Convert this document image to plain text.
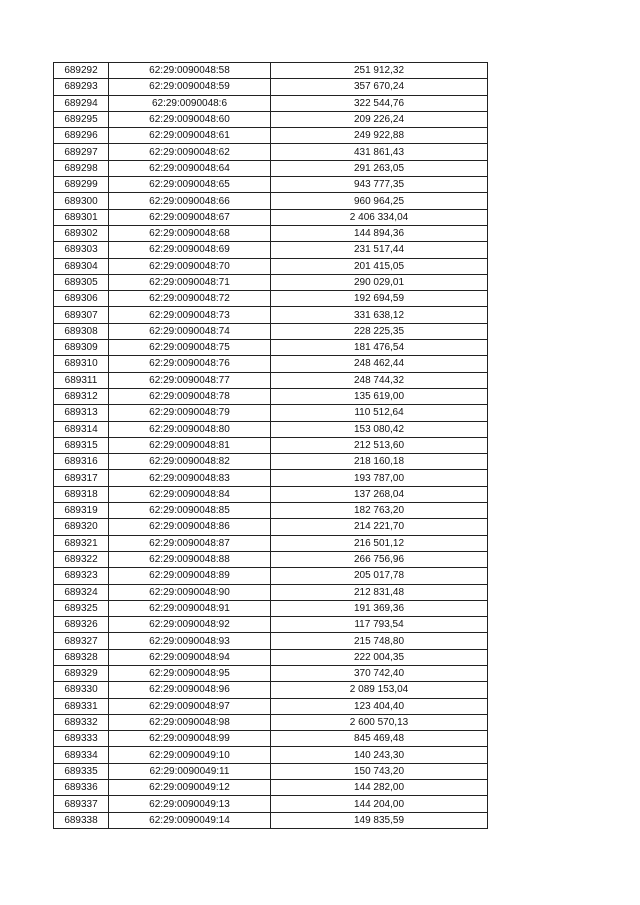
689292	62:29:0090048:58	251 912,32
689293	62:29:0090048:59	357 670,24
689294	62:29:0090048:6	322 544,76
689295	62:29:0090048:60	209 226,24
689296	62:29:0090048:61	249 922,88
689297	62:29:0090048:62	431 861,43
689298	62:29:0090048:64	291 263,05
689299	62:29:0090048:65	943 777,35
689300	62:29:0090048:66	960 964,25
689301	62:29:0090048:67	2 406 334,04
689302	62:29:0090048:68	144 894,36
689303	62:29:0090048:69	231 517,44
689304	62:29:0090048:70	201 415,05
689305	62:29:0090048:71	290 029,01
689306	62:29:0090048:72	192 694,59
689307	62:29:0090048:73	331 638,12
689308	62:29:0090048:74	228 225,35
689309	62:29:0090048:75	181 476,54
689310	62:29:0090048:76	248 462,44
689311	62:29:0090048:77	248 744,32
689312	62:29:0090048:78	135 619,00
689313	62:29:0090048:79	110 512,64
689314	62:29:0090048:80	153 080,42
689315	62:29:0090048:81	212 513,60
689316	62:29:0090048:82	218 160,18
689317	62:29:0090048:83	193 787,00
689318	62:29:0090048:84	137 268,04
689319	62:29:0090048:85	182 763,20
689320	62:29:0090048:86	214 221,70
689321	62:29:0090048:87	216 501,12
689322	62:29:0090048:88	266 756,96
689323	62:29:0090048:89	205 017,78
689324	62:29:0090048:90	212 831,48
689325	62:29:0090048:91	191 369,36
689326	62:29:0090048:92	117 793,54
689327	62:29:0090048:93	215 748,80
689328	62:29:0090048:94	222 004,35
689329	62:29:0090048:95	370 742,40
689330	62:29:0090048:96	2 089 153,04
689331	62:29:0090048:97	123 404,40
689332	62:29:0090048:98	2 600 570,13
689333	62:29:0090048:99	845 469,48
689334	62:29:0090049:10	140 243,30
689335	62:29:0090049:11	150 743,20
689336	62:29:0090049:12	144 282,00
689337	62:29:0090049:13	144 204,00
689338	62:29:0090049:14	149 835,59
